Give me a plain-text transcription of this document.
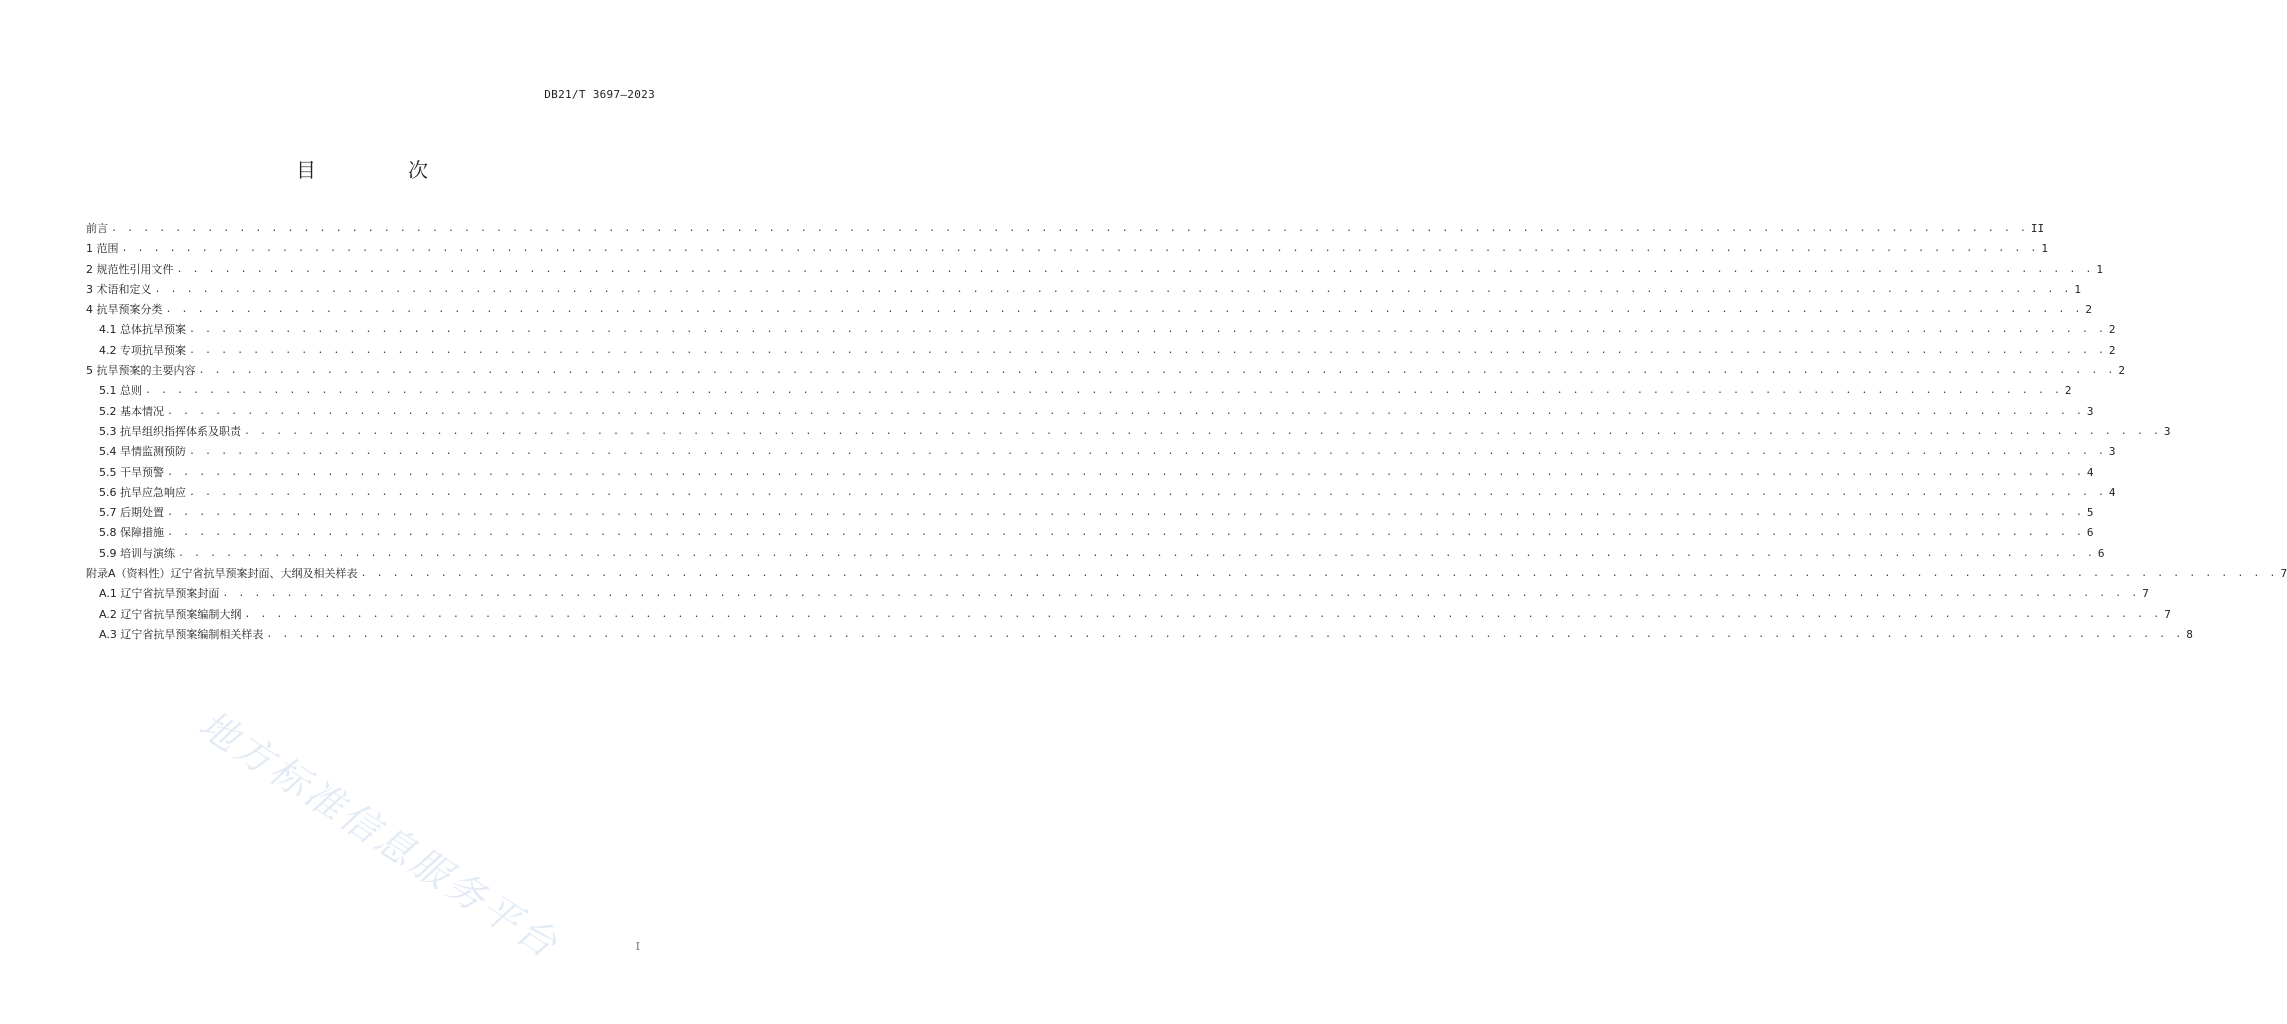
DB21/T 3697—2023
目　次
前言 . . . . . . . . . . . . . . . . . . . . . . . . . . . . . . . . . . . . . . . . . . . . . . . . . . . . . . . . . . . . . . . . . . . . . . . . . . . . . . . . . . . . . . . . . . . . . . . . . . . . . . . . . . . . . . . . . . . . . . . . II
1 范围 . . . . . . . . . . . . . . . . . . . . . . . . . . . . . . . . . . . . . . . . . . . . . . . . . . . . . . . . . . . . . . . . . . . . . . . . . . . . . . . . . . . . . . . . . . . . . . . . . . . . . . . . . . . . . . . . . . . . . . . . 1
2 规范性引用文件 . . . . . . . . . . . . . . . . . . . . . . . . . . . . . . . . . . . . . . . . . . . . . . . . . . . . . . . . . . . . . . . . . . . . . . . . . . . . . . . . . . . . . . . . . . . . . . . . . . . . . . . . . . . . . . . . . . . . . . . . 1
3 术语和定义 . . . . . . . . . . . . . . . . . . . . . . . . . . . . . . . . . . . . . . . . . . . . . . . . . . . . . . . . . . . . . . . . . . . . . . . . . . . . . . . . . . . . . . . . . . . . . . . . . . . . . . . . . . . . . . . . . . . . . . . . 1
4 抗旱预案分类 . . . . . . . . . . . . . . . . . . . . . . . . . . . . . . . . . . . . . . . . . . . . . . . . . . . . . . . . . . . . . . . . . . . . . . . . . . . . . . . . . . . . . . . . . . . . . . . . . . . . . . . . . . . . . . . . . . . . . . . . 2
4.1 总体抗旱预案 . . . . . . . . . . . . . . . . . . . . . . . . . . . . . . . . . . . . . . . . . . . . . . . . . . . . . . . . . . . . . . . . . . . . . . . . . . . . . . . . . . . . . . . . . . . . . . . . . . . . . . . . . . . . . . . . . . . . . . . . 2
4.2 专项抗旱预案 . . . . . . . . . . . . . . . . . . . . . . . . . . . . . . . . . . . . . . . . . . . . . . . . . . . . . . . . . . . . . . . . . . . . . . . . . . . . . . . . . . . . . . . . . . . . . . . . . . . . . . . . . . . . . . . . . . . . . . . . 2
5 抗旱预案的主要内容 . . . . . . . . . . . . . . . . . . . . . . . . . . . . . . . . . . . . . . . . . . . . . . . . . . . . . . . . . . . . . . . . . . . . . . . . . . . . . . . . . . . . . . . . . . . . . . . . . . . . . . . . . . . . . . . . . . . . . . . . 2
5.1 总则 . . . . . . . . . . . . . . . . . . . . . . . . . . . . . . . . . . . . . . . . . . . . . . . . . . . . . . . . . . . . . . . . . . . . . . . . . . . . . . . . . . . . . . . . . . . . . . . . . . . . . . . . . . . . . . . . . . . . . . . . 2
5.2 基本情况 . . . . . . . . . . . . . . . . . . . . . . . . . . . . . . . . . . . . . . . . . . . . . . . . . . . . . . . . . . . . . . . . . . . . . . . . . . . . . . . . . . . . . . . . . . . . . . . . . . . . . . . . . . . . . . . . . . . . . . . . 3
5.3 抗旱组织指挥体系及职责 . . . . . . . . . . . . . . . . . . . . . . . . . . . . . . . . . . . . . . . . . . . . . . . . . . . . . . . . . . . . . . . . . . . . . . . . . . . . . . . . . . . . . . . . . . . . . . . . . . . . . . . . . . . . . . . . . . . . . . . . 3
5.4 旱情监测预防 . . . . . . . . . . . . . . . . . . . . . . . . . . . . . . . . . . . . . . . . . . . . . . . . . . . . . . . . . . . . . . . . . . . . . . . . . . . . . . . . . . . . . . . . . . . . . . . . . . . . . . . . . . . . . . . . . . . . . . . . 3
5.5 干旱预警 . . . . . . . . . . . . . . . . . . . . . . . . . . . . . . . . . . . . . . . . . . . . . . . . . . . . . . . . . . . . . . . . . . . . . . . . . . . . . . . . . . . . . . . . . . . . . . . . . . . . . . . . . . . . . . . . . . . . . . . . 4
5.6 抗旱应急响应 . . . . . . . . . . . . . . . . . . . . . . . . . . . . . . . . . . . . . . . . . . . . . . . . . . . . . . . . . . . . . . . . . . . . . . . . . . . . . . . . . . . . . . . . . . . . . . . . . . . . . . . . . . . . . . . . . . . . . . . . 4
5.7 后期处置 . . . . . . . . . . . . . . . . . . . . . . . . . . . . . . . . . . . . . . . . . . . . . . . . . . . . . . . . . . . . . . . . . . . . . . . . . . . . . . . . . . . . . . . . . . . . . . . . . . . . . . . . . . . . . . . . . . . . . . . . 5
5.8 保障措施 . . . . . . . . . . . . . . . . . . . . . . . . . . . . . . . . . . . . . . . . . . . . . . . . . . . . . . . . . . . . . . . . . . . . . . . . . . . . . . . . . . . . . . . . . . . . . . . . . . . . . . . . . . . . . . . . . . . . . . . . 6
5.9 培训与演练 . . . . . . . . . . . . . . . . . . . . . . . . . . . . . . . . . . . . . . . . . . . . . . . . . . . . . . . . . . . . . . . . . . . . . . . . . . . . . . . . . . . . . . . . . . . . . . . . . . . . . . . . . . . . . . . . . . . . . . . . 6
附录A（资料性）辽宁省抗旱预案封面、大纲及相关样表 . . . . . . . . . . . . . . . . . . . . . . . . . . . . . . . . . . . . . . . . . . . . . . . . . . . . . . . . . . . . . . . . . . . . . . . . . . . . . . . . . . . . . . . . . . . . . . . . . . . . . . . . . . . . . . . . . . . . . . . . 7
A.1 辽宁省抗旱预案封面 . . . . . . . . . . . . . . . . . . . . . . . . . . . . . . . . . . . . . . . . . . . . . . . . . . . . . . . . . . . . . . . . . . . . . . . . . . . . . . . . . . . . . . . . . . . . . . . . . . . . . . . . . . . . . . . . . . . . . . . . 7
A.2 辽宁省抗旱预案编制大纲 . . . . . . . . . . . . . . . . . . . . . . . . . . . . . . . . . . . . . . . . . . . . . . . . . . . . . . . . . . . . . . . . . . . . . . . . . . . . . . . . . . . . . . . . . . . . . . . . . . . . . . . . . . . . . . . . . . . . . . . . 7
A.3 辽宁省抗旱预案编制相关样表 . . . . . . . . . . . . . . . . . . . . . . . . . . . . . . . . . . . . . . . . . . . . . . . . . . . . . . . . . . . . . . . . . . . . . . . . . . . . . . . . . . . . . . . . . . . . . . . . . . . . . . . . . . . . . . . . . . . . . . . . 8
地方标准信息服务平台	I
